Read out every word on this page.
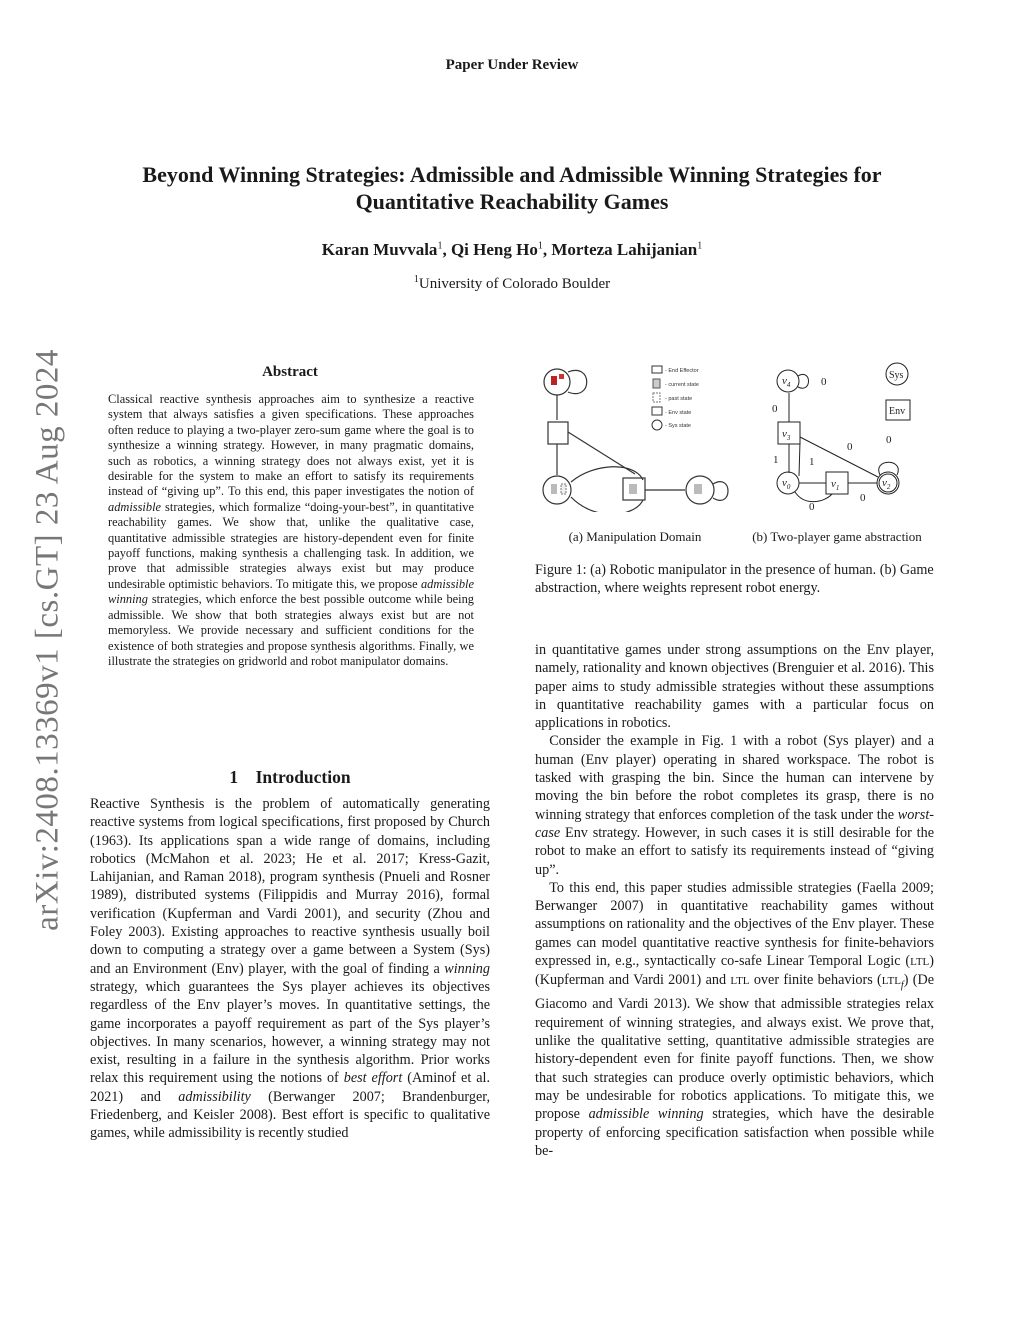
Paper Under Review
Beyond Winning Strategies: Admissible and Admissible Winning Strategies for Quantitative Reachability Games
Karan Muvvala$^1$, Qi Heng Ho$^1$, Morteza Lahijanian$^1$
$^1$University of Colorado Boulder
arXiv:2408.13369v1 [cs.GT] 23 Aug 2024	Abstract
Classical reactive synthesis approaches aim to synthesize a reactive system that always satisfies a given specifications. These approaches often reduce to playing a two-player zero-sum game where the goal is to synthesize a winning strategy. However, in many pragmatic domains, such as robotics, a winning strategy does not always exist, yet it is desirable for the system to make an effort to satisfy its requirements instead of “giving up”. To this end, this paper investigates the notion of admissible strategies, which formalize “doing-your-best”, in quantitative reachability games. We show that, unlike the qualitative case, quantitative admissible strategies are history-dependent even for finite payoff functions, making synthesis a challenging task. In addition, we prove that admissible strategies always exist but may produce undesirable optimistic behaviors. To mitigate this, we propose admissible winning strategies, which enforce the best possible outcome while being admissible. We show that both strategies always exist but are not memoryless. We provide necessary and sufficient conditions for the existence of both strategies and propose synthesis algorithms. Finally, we illustrate the strategies on gridworld and robot manipulator domains.
1    Introduction
Reactive Synthesis is the problem of automatically generating reactive systems from logical specifications, first proposed by Church (1963). Its applications span a wide range of domains, including robotics (McMahon et al. 2023; He et al. 2017; Kress-Gazit, Lahijanian, and Raman 2018), program synthesis (Pnueli and Rosner 1989), distributed systems (Filippidis and Murray 2016), formal verification (Kupferman and Vardi 2001), and security (Zhou and Foley 2003). Existing approaches to reactive synthesis usually boil down to computing a strategy over a game between a System (Sys) and an Environment (Env) player, with the goal of finding a winning strategy, which guarantees the Sys player achieves its objectives regardless of the Env player’s moves. In quantitative settings, the game incorporates a payoff requirement as part of the Sys player’s objectives. In many scenarios, however, a winning strategy may not exist, resulting in a failure in the synthesis algorithm. Prior works relax this requirement using the notions of best effort (Aminof et al. 2021) and admissibility (Berwanger 2007; Brandenburger, Friedenberg, and Keisler 2008). Best effort is specific to qualitative games, while admissibility is recently studied
- End Effector
- current state
- past state
- Env state
- Sys state
$v_4$
$v_3$
$v_0$	$v_1$	$v_2$
Sys
Env
0
0
0
0
1	1
0
0
(a) Manipulation Domain	(b) Two-player game abstraction
Figure 1: (a) Robotic manipulator in the presence of human. (b) Game abstraction, where weights represent robot energy.

in quantitative games under strong assumptions on the Env player, namely, rationality and known objectives (Brenguier et al. 2016). This paper aims to study admissible strategies without these assumptions in quantitative reachability games with a particular focus on applications in robotics.

Consider the example in Fig. 1 with a robot (Sys player) and a human (Env player) operating in shared workspace. The robot is tasked with grasping the bin. Since the human can intervene by moving the bin before the robot completes its grasp, there is no winning strategy that enforces completion of the task under the worst-case Env strategy. However, in such cases it is still desirable for the robot to make an effort to satisfy its requirements instead of “giving up”.

To this end, this paper studies admissible strategies (Faella 2009; Berwanger 2007) in quantitative reachability games without assumptions on rationality and the objectives of the Env player. These games can model quantitative reactive synthesis for finite-behaviors expressed in, e.g., syntactically co-safe Linear Temporal Logic (LTL) (Kupferman and Vardi 2001) and LTL over finite behaviors $(LTL_f)$ (De Giacomo and Vardi 2013). We show that admissible strategies relax requirement of winning strategies, and always exist. We prove that, unlike the qualitative setting, quantitative admissible strategies are history-dependent even for finite payoff functions. Then, we show that such strategies can produce overly optimistic behaviors, which may be undesirable for robotics applications. To mitigate this, we propose admissible winning strategies, which have the desirable property of enforcing specification satisfaction when possible while be-
